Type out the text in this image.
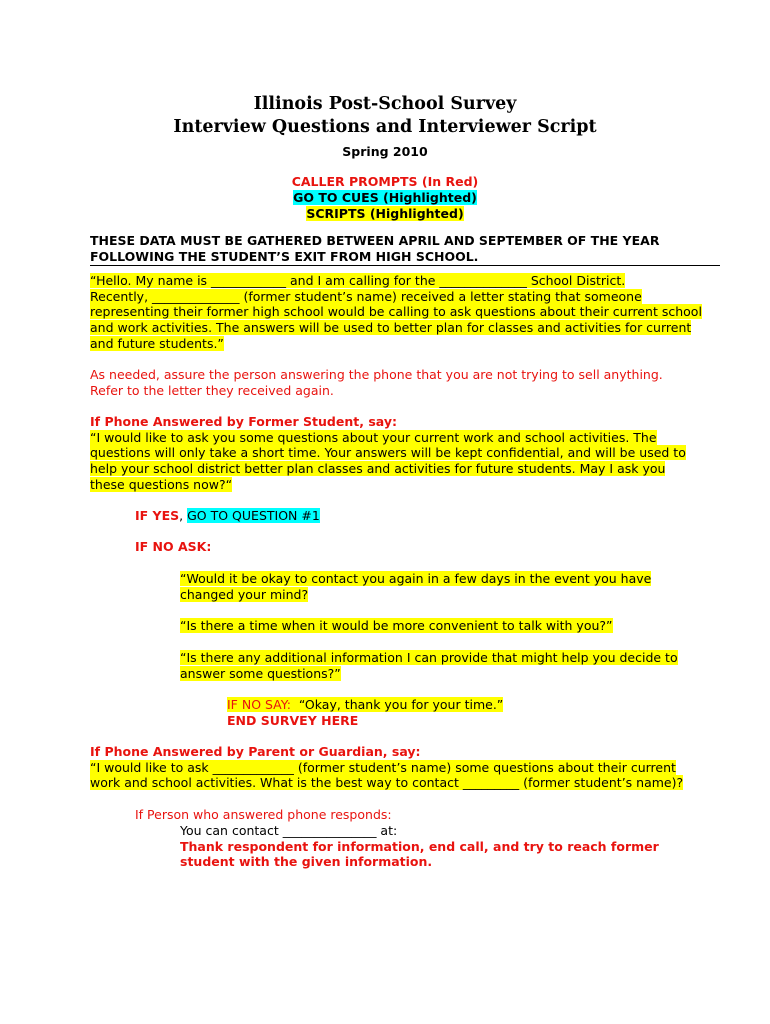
Illinois Post-School Survey
Interview Questions and Interviewer Script
Spring 2010
CALLER PROMPTS (In Red)
GO TO CUES (Highlighted)
SCRIPTS (Highlighted)
THESE DATA MUST BE GATHERED BETWEEN APRIL AND SEPTEMBER OF THE YEAR
FOLLOWING THE STUDENT’S EXIT FROM HIGH SCHOOL.
“Hello. My name is ____________ and I am calling for the ______________ School District.
Recently, ______________ (former student’s name) received a letter stating that someone
representing their former high school would be calling to ask questions about their current school
and work activities. The answers will be used to better plan for classes and activities for current
and future students.”
As needed, assure the person answering the phone that you are not trying to sell anything.
Refer to the letter they received again.
If Phone Answered by Former Student, say:
“I would like to ask you some questions about your current work and school activities. The
questions will only take a short time. Your answers will be kept confidential, and will be used to
help your school district better plan classes and activities for future students. May I ask you
these questions now?“
IF YES, GO TO QUESTION #1
IF NO ASK:
“Would it be okay to contact you again in a few days in the event you have
changed your mind?
“Is there a time when it would be more convenient to talk with you?”
“Is there any additional information I can provide that might help you decide to
answer some questions?”
IF NO SAY:  “Okay, thank you for your time.”
END SURVEY HERE
If Phone Answered by Parent or Guardian, say:
“I would like to ask _____________ (former student’s name) some questions about their current
work and school activities. What is the best way to contact _________ (former student’s name)?
If Person who answered phone responds:
You can contact _______________ at:
Thank respondent for information, end call, and try to reach former
student with the given information.
